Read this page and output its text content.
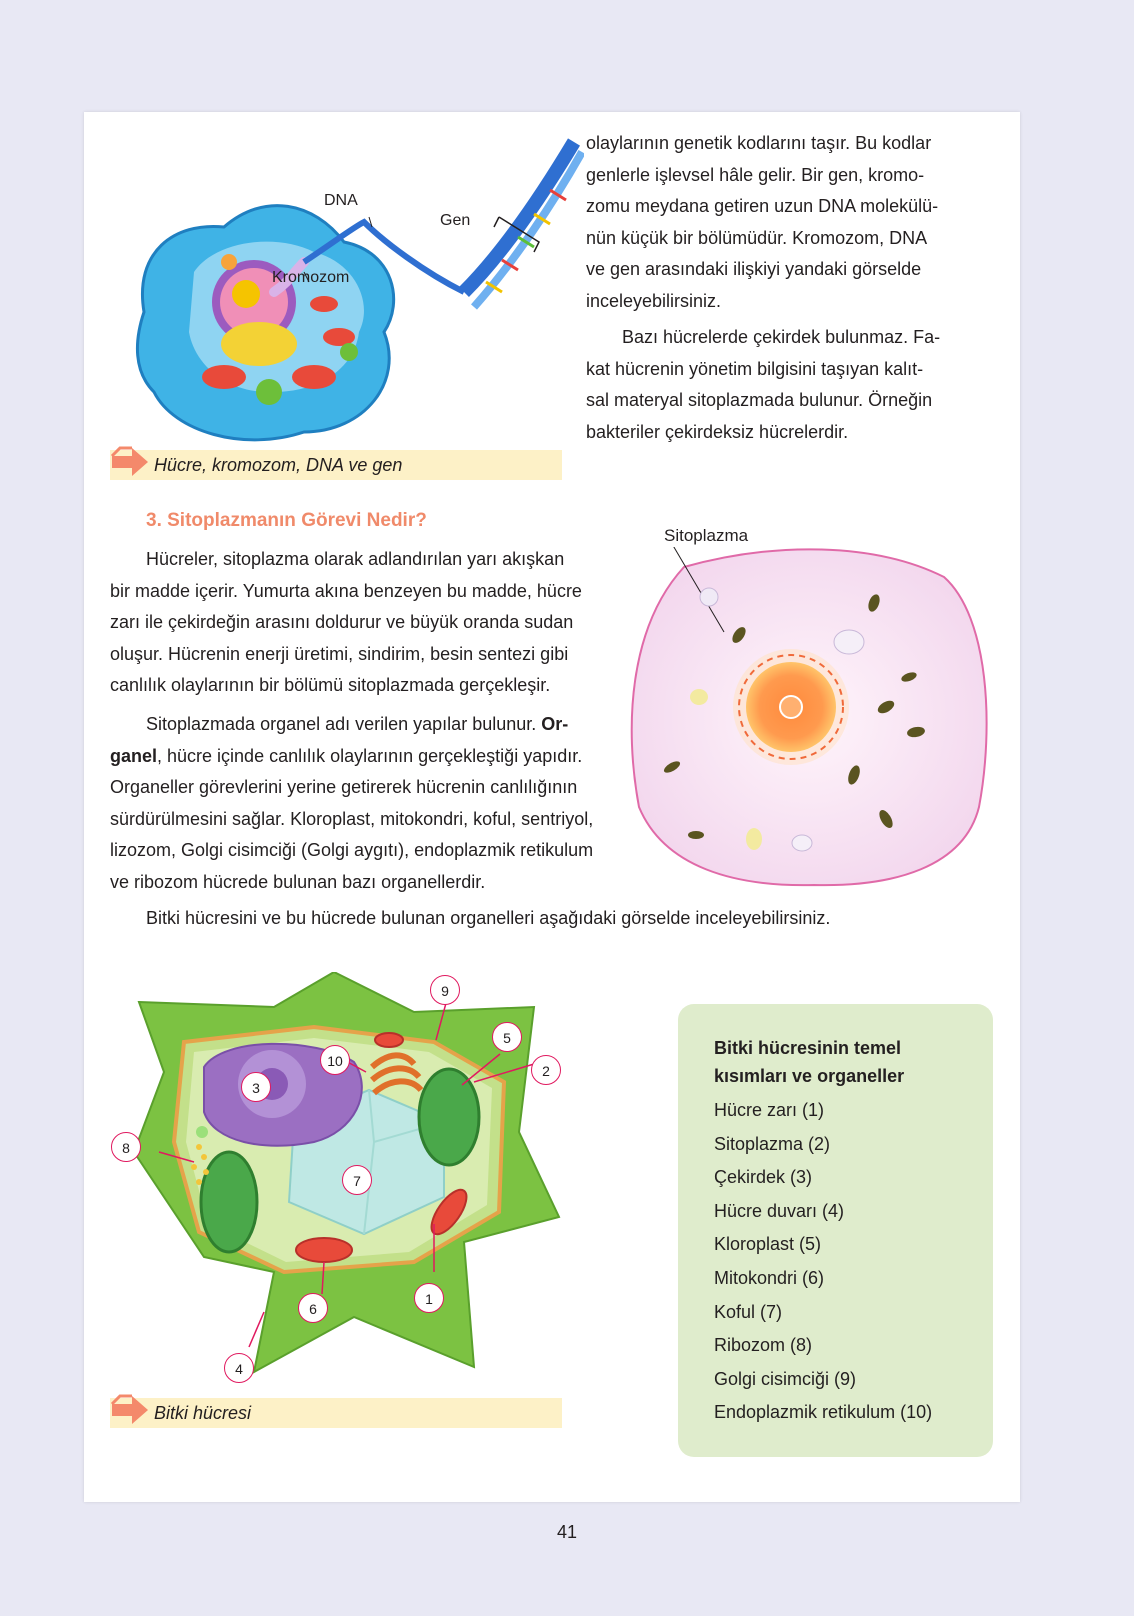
DNA
Gen
Kromozom
Hücre, kromozom, DNA ve gen
olaylarının genetik kodlarını taşır. Bu kodlar
genlerle işlevsel hâle gelir. Bir gen, kromo-
zomu meydana getiren uzun DNA molekülü-
nün küçük bir bölümüdür. Kromozom, DNA
ve gen arasındaki ilişkiyi yandaki görselde
inceleyebilirsiniz.
Bazı hücrelerde çekirdek bulunmaz. Fa-
kat hücrenin yönetim bilgisini taşıyan kalıt-
sal materyal sitoplazmada bulunur. Örneğin
bakteriler çekirdeksiz hücrelerdir.
3. Sitoplazmanın Görevi Nedir?
Hücreler, sitoplazma olarak adlandırılan yarı akışkan
bir madde içerir. Yumurta akına benzeyen bu madde, hücre
zarı ile çekirdeğin arasını doldurur ve büyük oranda sudan
oluşur. Hücrenin enerji üretimi, sindirim, besin sentezi gibi
canlılık olaylarının bir bölümü sitoplazmada gerçekleşir.
Sitoplazmada organel adı verilen yapılar bulunur. Or-
ganel, hücre içinde canlılık olaylarının gerçekleştiği yapıdır.
Organeller görevlerini yerine getirerek hücrenin canlılığının
sürdürülmesini sağlar. Kloroplast, mitokondri, koful, sentriyol,
lizozom, Golgi cisimciği (Golgi aygıtı), endoplazmik retikulum
ve ribozom hücrede bulunan bazı organellerdir.
Sitoplazma
Bitki hücresini ve bu hücrede bulunan organelleri aşağıdaki görselde inceleyebilirsiniz.
9
5
2
10
3
8
7
1
6
4
Bitki hücresi
Bitki hücresinin temel
kısımları ve organeller
Hücre zarı (1)
Sitoplazma (2)
Çekirdek (3)
Hücre duvarı (4)
Kloroplast (5)
Mitokondri (6)
Koful (7)
Ribozom (8)
Golgi cisimciği (9)
Endoplazmik retikulum (10)
41
